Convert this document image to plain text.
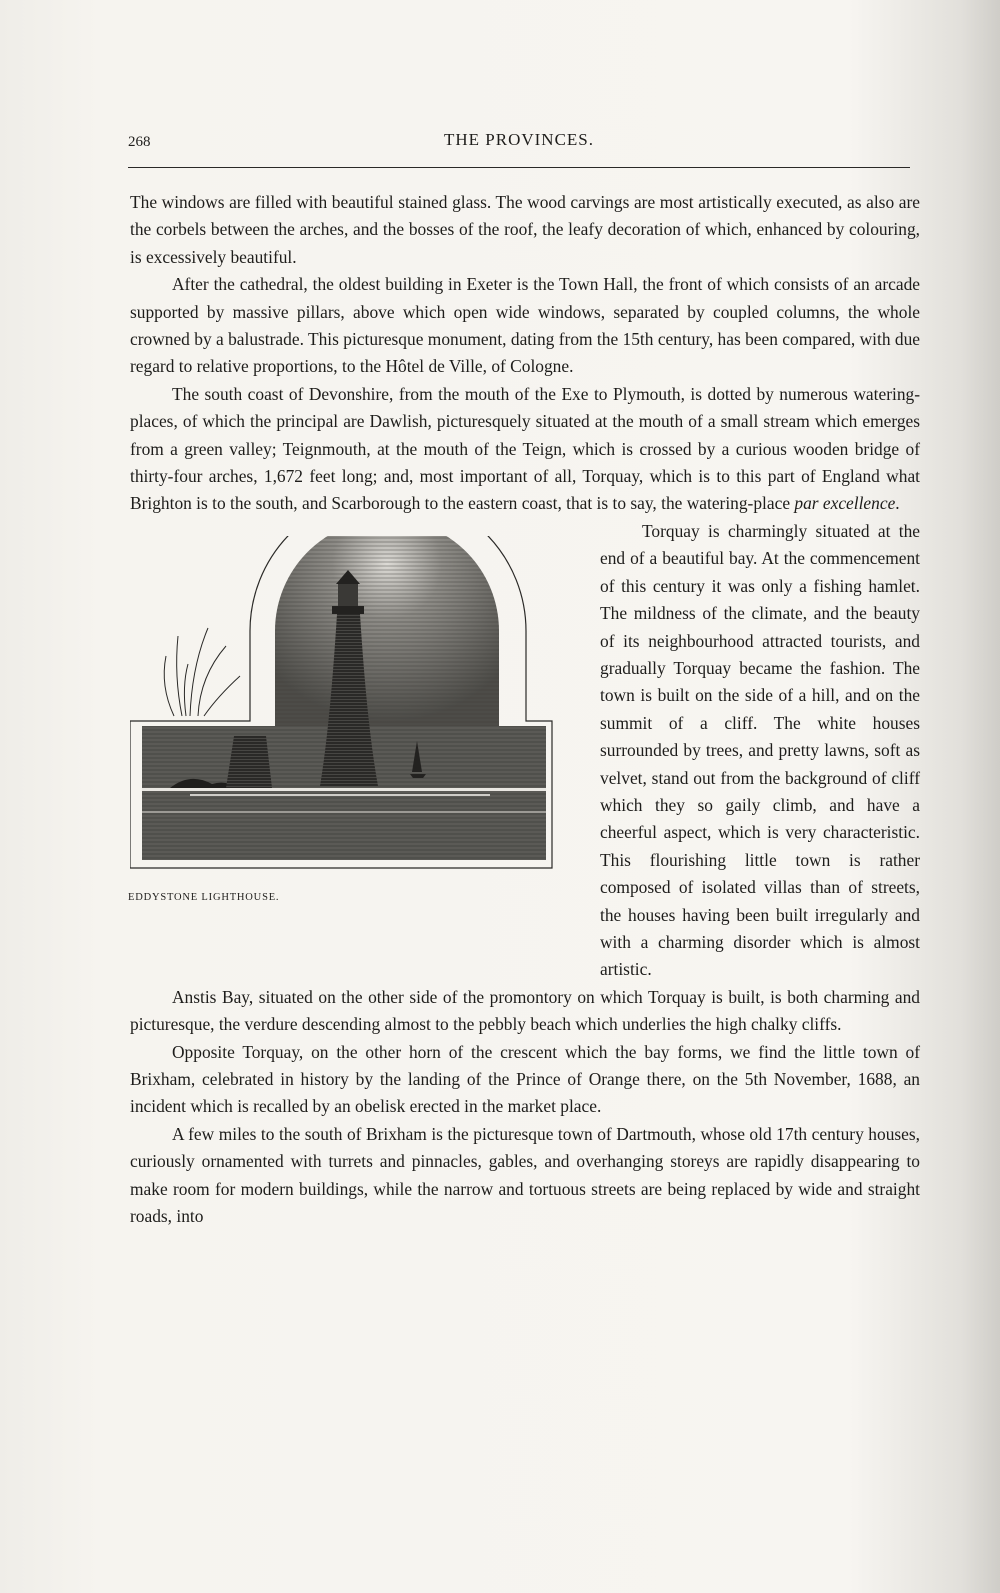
268	THE PROVINCES.

The windows are filled with beautiful stained glass. The wood carvings are most artistically executed, as also are the corbels between the arches, and the bosses of the roof, the leafy decoration of which, enhanced by colouring, is excessively beautiful.

After the cathedral, the oldest building in Exeter is the Town Hall, the front of which consists of an arcade supported by massive pillars, above which open wide windows, separated by coupled columns, the whole crowned by a balustrade. This picturesque monument, dating from the 15th century, has been compared, with due regard to relative proportions, to the Hôtel de Ville, of Cologne.

The south coast of Devonshire, from the mouth of the Exe to Plymouth, is dotted by numerous watering-places, of which the principal are Dawlish, picturesquely situated at the mouth of a small stream which emerges from a green valley; Teignmouth, at the mouth of the Teign, which is crossed by a curious wooden bridge of thirty-four arches, 1,672 feet long; and, most important of all, Torquay, which is to this part of England what Brighton is to the south, and Scarborough to the eastern coast, that is to say, the watering-place
par excellence.

Torquay is charmingly situated at the end of a beautiful bay. At the commencement of this century it was only a fishing hamlet. The mildness of the climate, and the beauty of its neighbourhood attracted tourists, and gradually Torquay became the fashion. The town is built on the side of a hill, and on the summit of a cliff. The white houses surrounded by trees, and pretty lawns, soft as velvet, stand out from the background of cliff which they so gaily climb, and have a cheerful aspect, which is very characteristic. This flourishing little town is rather composed of isolated villas than of streets, the houses having been built irregularly and with a charming disorder which is almost artistic.

Anstis Bay, situated on the other side of the promontory on which Torquay is built, is both charming and picturesque, the verdure descending almost to the pebbly beach which underlies the high chalky cliffs.

Opposite Torquay, on the other horn of the crescent which the bay forms, we find the little town of Brixham, celebrated in history by the landing of the Prince of Orange there, on the 5th November, 1688, an incident which is recalled by an obelisk erected in the market place.

A few miles to the south of Brixham is the picturesque town of Dartmouth, whose old 17th century houses, curiously ornamented with turrets and pinnacles, gables, and overhanging storeys are rapidly disappearing to make room for modern buildings, while the narrow and tortuous streets are being replaced by wide and straight roads, into

EDDYSTONE LIGHTHOUSE.
